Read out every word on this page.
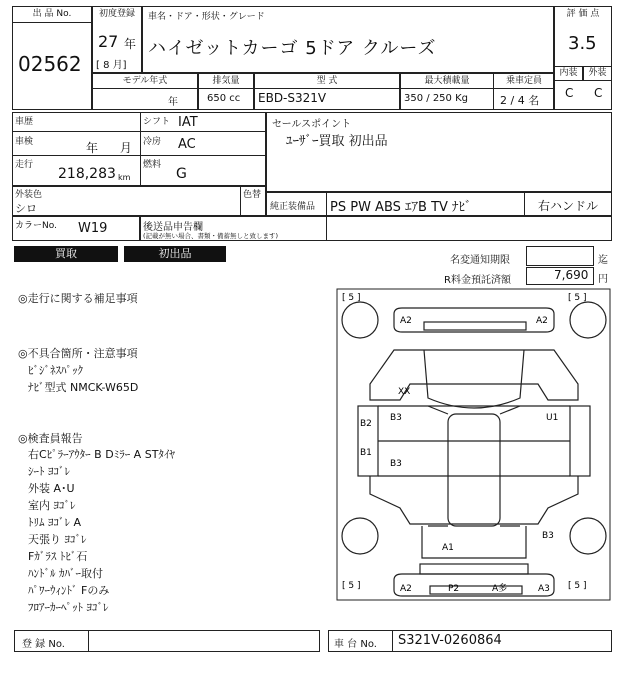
出 品 No.
02562
初度登録
27 年
[ 8 月]
車名・ドア・形状・グレード
ハイゼットカーゴ 5ドア クルーズ
評 価 点
3.5
内装	外装
C C
モデル年式
年
排気量
650 cc
型 式
EBD-S321V
最大積載量
350 / 250 Kg
乗車定員
2 / 4 名
車歴	シフト IAT
車検	年 月 冷房 AC
走行
218,283 km
燃料
G
セールスポイント
ﾕｰｻﾞｰ買取 初出品
外装色
シロ
色替
純正装備品 PS PW ABS ｴｱB TV ﾅﾋﾞ	右ハンドル
カラーNo. W19	後送品申告欄
(記載が無い場合、書類・備蓄無しと致します)
買取	初出品
名変通知期限	迄
R料金預託済額	7,690 円
◎走行に関する補足事項
◎不具合箇所・注意事項
ﾋﾞｼﾞﾈｽﾊﾟｯｸ
ﾅﾋﾞ型式 NMCK-W65D
◎検査員報告
右Cﾋﾟﾗｰｱｳﾀｰ B Dﾐﾗｰ A STﾀｲﾔ
ｼｰﾄ ﾖｺﾞﾚ
外装 A･U
室内 ﾖｺﾞﾚ
ﾄﾘﾑ ﾖｺﾞﾚ A
天張り ﾖｺﾞﾚ
Fｶﾞﾗｽ ﾄﾋﾞ石
ﾊﾝﾄﾞﾙ ｶﾊﾞｰ取付
ﾊﾟﾜｰｳｨﾝﾄﾞ Fのみ
ﾌﾛｱｰｶｰﾍﾟｯﾄ ﾖｺﾞﾚ
[ 5 ]	[ 5 ]
[ 5 ]	[ 5 ]
A2	A2
XX
B3
B2
B1
B3
U1
A1
B3
A2	P2	A多	A3
登 録 No.	車 台 No. S321V-0260864
